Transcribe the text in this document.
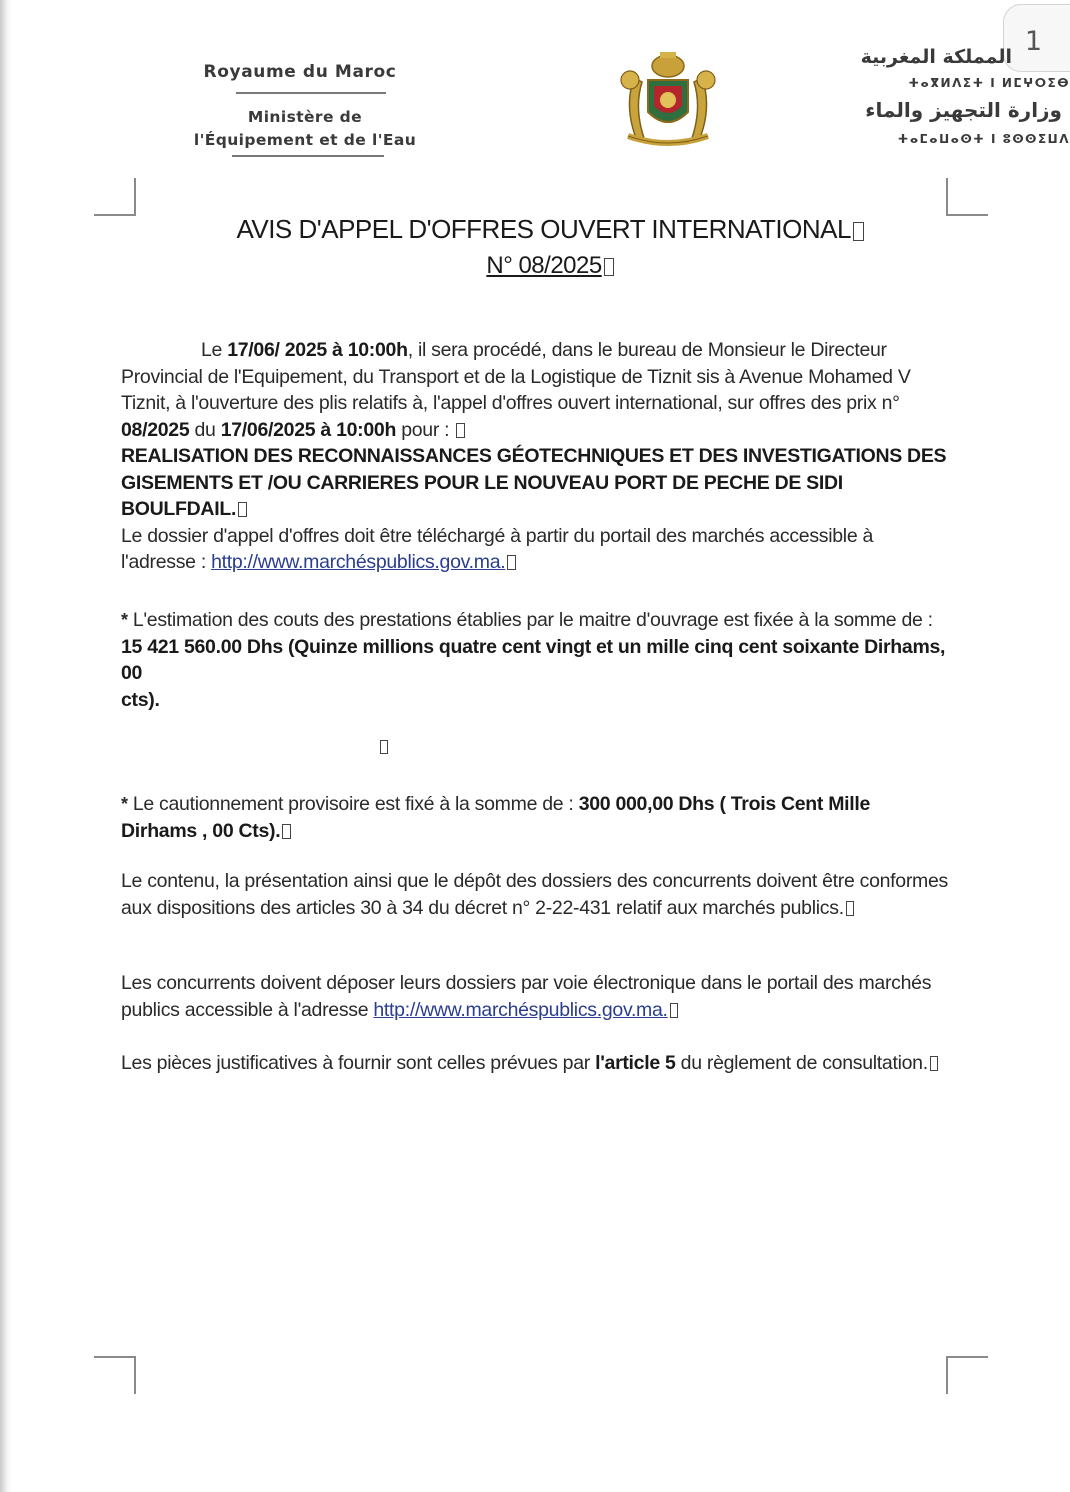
1
Royaume du Maroc
Ministère de
l'Équipement et de l'Eau
المملكة المغربية
ⵜⴰⴳⵍⴷⵉⵜ ⵏ ⵍⵎⵖⵔⵉⴱ
وزارة التجهيز والماء
ⵜⴰⵎⴰⵡⴰⵙⵜ ⵏ ⵓⵙⵙⵉⵡⴷ
AVIS D'APPEL D'OFFRES OUVERT INTERNATIONAL
N° 08/2025
Le 17/06/ 2025 à 10:00h, il sera procédé, dans le bureau de Monsieur le Directeur Provincial de l'Equipement, du Transport et de la Logistique de Tiznit sis à Avenue Mohamed V Tiznit, à l'ouverture des plis relatifs à, l'appel d'offres ouvert international, sur offres des prix n° 08/2025 du 17/06/2025 à 10:00h pour :
REALISATION DES RECONNAISSANCES GÉOTECHNIQUES ET DES INVESTIGATIONS DES GISEMENTS ET /OU CARRIERES POUR LE NOUVEAU PORT DE PECHE DE SIDI BOULFDAIL.
Le dossier d'appel d'offres doit être téléchargé à partir du portail des marchés accessible à l'adresse : http://www.marchéspublics.gov.ma.
* L'estimation des couts des prestations établies par le maitre d'ouvrage est fixée à la somme de : 15 421 560.00 Dhs (Quinze millions quatre cent vingt et un mille cinq cent soixante Dirhams, 00
cts).
* Le cautionnement provisoire est fixé à la somme de : 300 000,00 Dhs ( Trois Cent Mille Dirhams , 00 Cts).
Le contenu, la présentation ainsi que le dépôt des dossiers des concurrents doivent être conformes aux dispositions des articles 30 à 34 du décret n° 2-22-431 relatif aux marchés publics.
Les concurrents doivent déposer leurs dossiers par voie électronique dans le portail des marchés publics accessible à l'adresse http://www.marchéspublics.gov.ma.
Les pièces justificatives à fournir sont celles prévues par l'article 5 du règlement de consultation.
